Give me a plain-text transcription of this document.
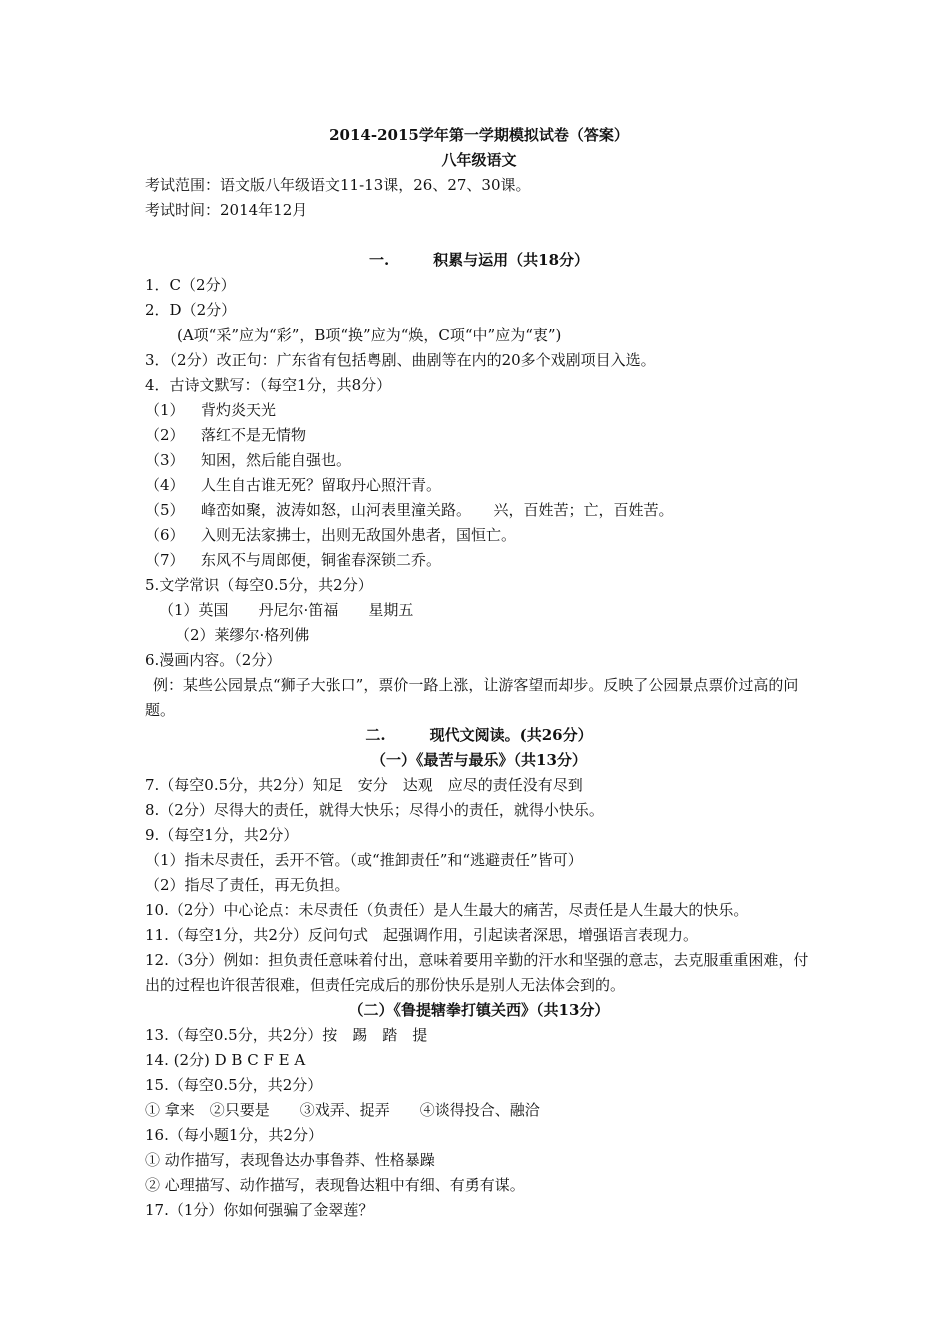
2014-2015学年第一学期模拟试卷（答案）
八年级语文
考试范围：语文版八年级语文11-13课，26、27、30课。
考试时间：2014年12月
一.	积累与运用（共18分）
1．C（2分）
2．D（2分）
(A项“采”应为“彩”，B项“换”应为“焕，C项“中”应为“衷”)
3．（2分）改正句：广东省有包括粤剧、曲剧等在内的20多个戏剧项目入选。
4．古诗文默写：（每空1分，共8分）
（1） 背灼炎天光
（2） 落红不是无情物
（3） 知困，然后能自强也。
（4） 人生自古谁无死？留取丹心照汗青。
（5） 峰峦如聚，波涛如怒，山河表里潼关路。　　兴，百姓苦；亡，百姓苦。
（6） 入则无法家拂士，出则无敌国外患者，国恒亡。
（7） 东风不与周郎便，铜雀春深锁二乔。
5.文学常识（每空0.5分，共2分）
（1）英国　　丹尼尔·笛福　　星期五
（2）莱缪尔·格列佛
6.漫画内容。（2分）
例：某些公园景点“狮子大张口”，票价一路上涨，让游客望而却步。反映了公园景点票价过高的问题。
二.	现代文阅读。(共26分）
（一）《最苦与最乐》（共13分）
7.（每空0.5分，共2分）知足　安分　达观　应尽的责任没有尽到
8.（2分）尽得大的责任，就得大快乐；尽得小的责任，就得小快乐。
9.（每空1分，共2分）
（1）指未尽责任，丢开不管。（或“推卸责任”和“逃避责任”皆可）
（2）指尽了责任，再无负担。
10.（2分）中心论点：未尽责任（负责任）是人生最大的痛苦，尽责任是人生最大的快乐。
11.（每空1分，共2分）反问句式　起强调作用，引起读者深思，增强语言表现力。
12.（3分）例如：担负责任意味着付出，意味着要用辛勤的汗水和坚强的意志，去克服重重困难，付出的过程也许很苦很难，但责任完成后的那份快乐是别人无法体会到的。
（二）《鲁提辖拳打镇关西》（共13分）
13.（每空0.5分，共2分）按　踢　踏　提
14. (2分) D B C F E A
15.（每空0.5分，共2分）
① 拿来　②只要是　　③戏弄、捉弄　　④谈得投合、融洽
16.（每小题1分，共2分）
① 动作描写，表现鲁达办事鲁莽、性格暴躁
② 心理描写、动作描写，表现鲁达粗中有细、有勇有谋。
17.（1分）你如何强骗了金翠莲？
